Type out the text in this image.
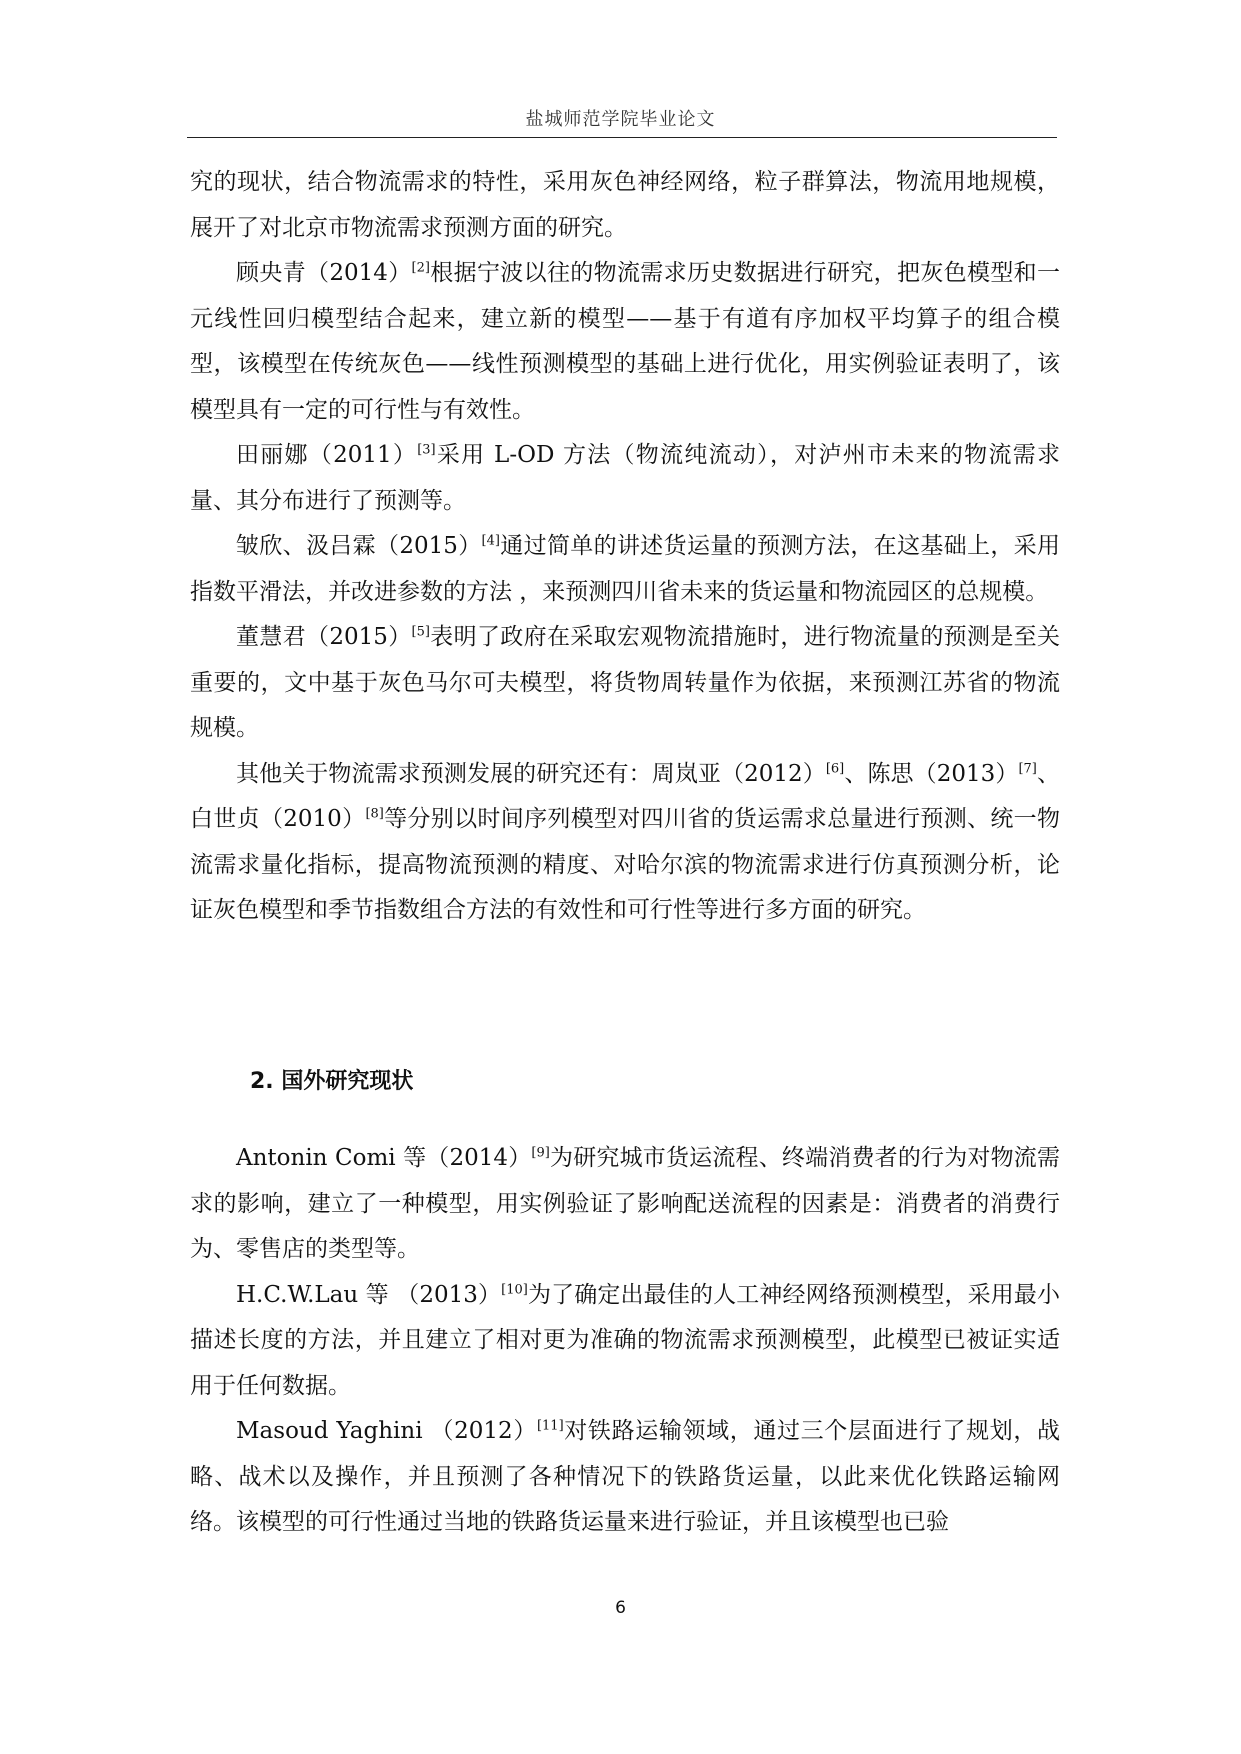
盐城师范学院毕业论文

究的现状，结合物流需求的特性，采用灰色神经网络，粒子群算法，物流用地规模，展开了对北京市物流需求预测方面的研究。

顾央青（2014）[2]根据宁波以往的物流需求历史数据进行研究，把灰色模型和一元线性回归模型结合起来，建立新的模型——基于有道有序加权平均算子的组合模型，该模型在传统灰色——线性预测模型的基础上进行优化，用实例验证表明了，该模型具有一定的可行性与有效性。

田丽娜（2011）[3]采用 L-OD 方法（物流纯流动），对泸州市未来的物流需求量、其分布进行了预测等。

皱欣、汲吕霖（2015）[4]通过简单的讲述货运量的预测方法，在这基础上，采用指数平滑法，并改进参数的方法 ，来预测四川省未来的货运量和物流园区的总规模。

董慧君（2015）[5]表明了政府在采取宏观物流措施时，进行物流量的预测是至关重要的，文中基于灰色马尔可夫模型，将货物周转量作为依据，来预测江苏省的物流规模。

其他关于物流需求预测发展的研究还有：周岚亚（2012）[6]、陈思（2013）[7]、白世贞（2010）[8]等分别以时间序列模型对四川省的货运需求总量进行预测、统一物流需求量化指标，提高物流预测的精度、对哈尔滨的物流需求进行仿真预测分析，论证灰色模型和季节指数组合方法的有效性和可行性等进行多方面的研究。

2. 国外研究现状

Antonin Comi 等（2014）[9]为研究城市货运流程、终端消费者的行为对物流需求的影响，建立了一种模型，用实例验证了影响配送流程的因素是：消费者的消费行为、零售店的类型等。

H.C.W.Lau 等 （2013）[10]为了确定出最佳的人工神经网络预测模型，采用最小描述长度的方法，并且建立了相对更为准确的物流需求预测模型，此模型已被证实适用于任何数据。

Masoud Yaghini （2012）[11]对铁路运输领域，通过三个层面进行了规划，战略、战术以及操作，并且预测了各种情况下的铁路货运量，以此来优化铁路运输网络。该模型的可行性通过当地的铁路货运量来进行验证，并且该模型也已验

6
